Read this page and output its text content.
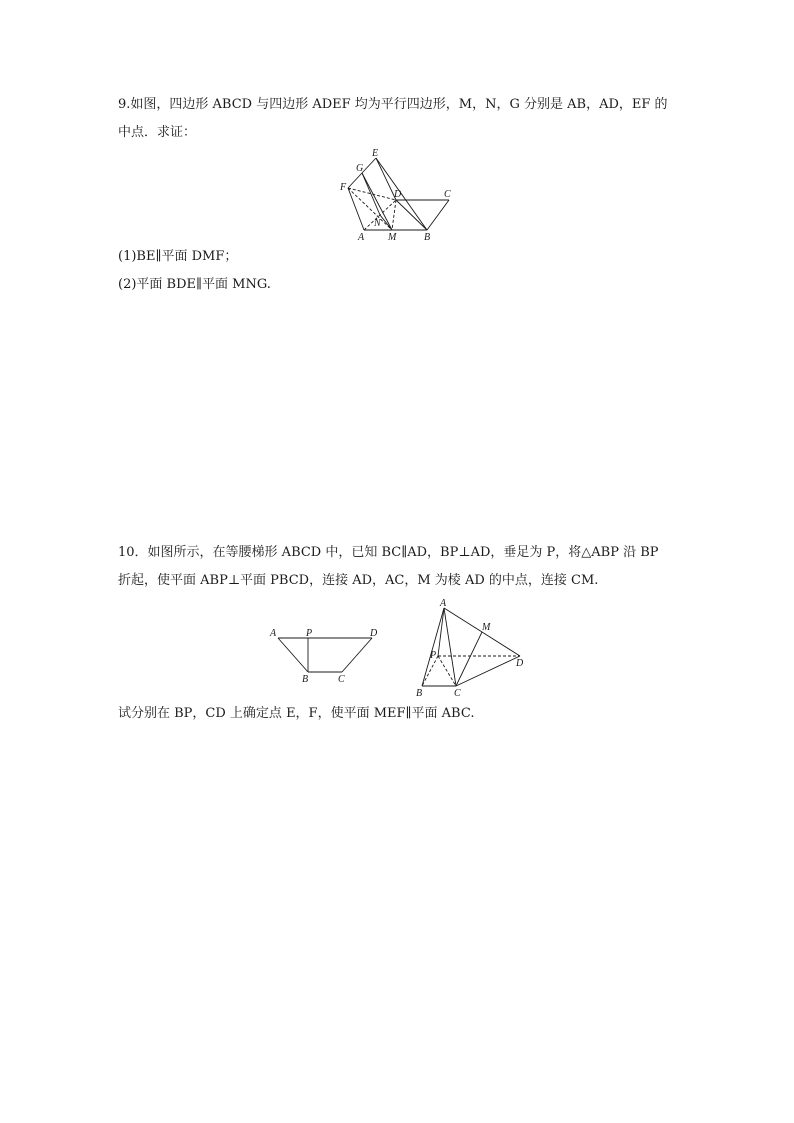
9.如图，四边形 ABCD 与四边形 ADEF 均为平行四边形，M，N，G 分别是 AB，AD，EF 的
中点．求证：
E
G
F
D	C
N
A M	B
(1)BE∥平面 DMF；
(2)平面 BDE∥平面 MNG.
10．如图所示，在等腰梯形 ABCD 中，已知 BC∥AD，BP⊥AD，垂足为 P，将△ABP 沿 BP
折起，使平面 ABP⊥平面 PBCD，连接 AD，AC，M 为棱 AD 的中点，连接 CM.
A	P	D
B	C
A
M
P
D
B	C
试分别在 BP，CD 上确定点 E，F，使平面 MEF∥平面 ABC.
